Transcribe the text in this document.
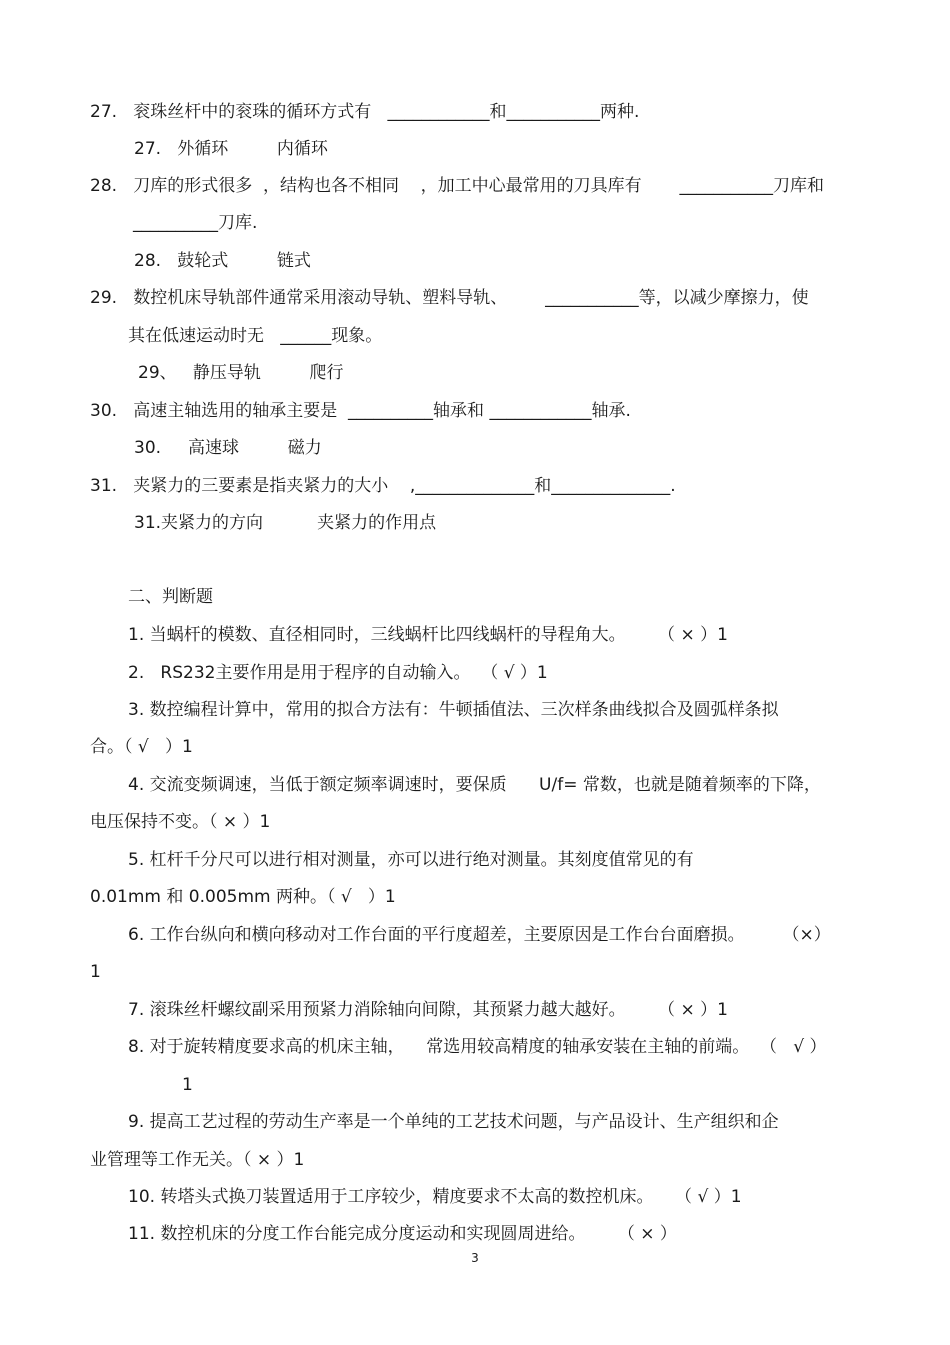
27.   衮珠丝杆中的衮珠的循环方式有   ____________和___________两种.
27.   外循环         内循环
28.   刀库的形式很多  ，结构也各不相同    ，加工中心最常用的刀具库有       ___________刀库和
__________刀库.
28.   鼓轮式         链式
29.   数控机床导轨部件通常采用滚动导轨、塑料导轨、       ___________等，以减少摩擦力，使
其在低速运动时无   ______现象。
29、   静压导轨         爬行
30.   高速主轴选用的轴承主要是  __________轴承和 ____________轴承.
30.     高速球         磁力
31.   夹紧力的三要素是指夹紧力的大小    ,______________和______________.
31.夹紧力的方向          夹紧力的作用点
二、判断题
1. 当蜗杆的模数、直径相同时，三线蜗杆比四线蜗杆的导程角大。      （ × ）1
2.   RS232主要作用是用于程序的自动输入。  （ √ ）1
3. 数控编程计算中，常用的拟合方法有：牛顿插值法、三次样条曲线拟合及圆弧样条拟
合。（ √   ）1
4. 交流变频调速，当低于额定频率调速时，要保质      U/f= 常数，也就是随着频率的下降，
电压保持不变。（ × ）1
5. 杠杆千分尺可以进行相对测量，亦可以进行绝对测量。其刻度值常见的有
0.01mm 和 0.005mm 两种。（ √   ）1
6. 工作台纵向和横向移动对工作台面的平行度超差，主要原因是工作台台面磨损。       （×）
1
7. 滚珠丝杆螺纹副采用预紧力消除轴向间隙，其预紧力越大越好。      （ × ）1
8. 对于旋转精度要求高的机床主轴，    常选用较高精度的轴承安装在主轴的前端。  （   √ ）
1
9. 提高工艺过程的劳动生产率是一个单纯的工艺技术问题，与产品设计、生产组织和企
业管理等工作无关。（ × ）1
10. 转塔头式换刀装置适用于工序较少，精度要求不太高的数控机床。    （ √ ）1
11. 数控机床的分度工作台能完成分度运动和实现圆周进给。      （ × ）
3
